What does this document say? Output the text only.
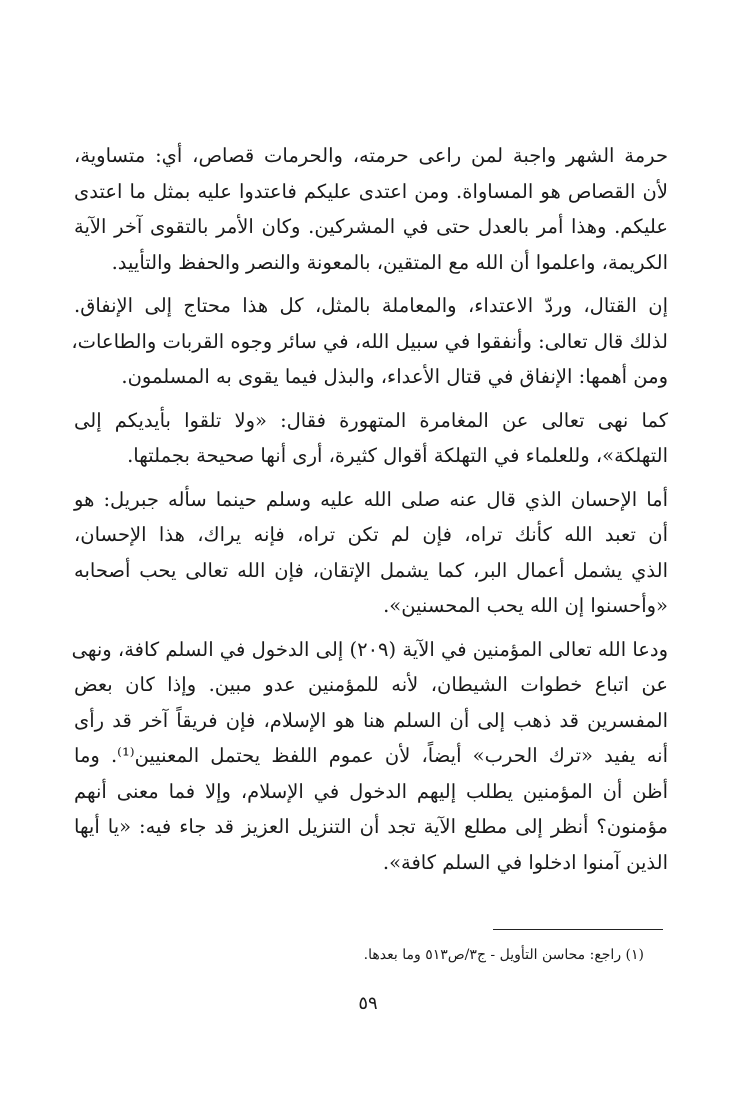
حرمة الشهر واجبة لمن راعى حرمته، والحرمات قصاص، أي: متساوية،
لأن القصاص هو المساواة. ومن اعتدى عليكم فاعتدوا عليه بمثل ما اعتدى
عليكم. وهذا أمر بالعدل حتى في المشركين. وكان الأمر بالتقوى آخر الآية
الكريمة، واعلموا أن الله مع المتقين، بالمعونة والنصر والحفظ والتأييد.

إن القتال، وردّ الاعتداء، والمعاملة بالمثل، كل هذا محتاج إلى الإنفاق.
لذلك قال تعالى: وأنفقوا في سبيل الله، في سائر وجوه القربات والطاعات،
ومن أهمها: الإنفاق في قتال الأعداء، والبذل فيما يقوى به المسلمون.

كما نهى تعالى عن المغامرة المتهورة فقال: «ولا تلقوا بأيديكم إلى
التهلكة»، وللعلماء في التهلكة أقوال كثيرة، أرى أنها صحيحة بجملتها.

أما الإحسان الذي قال عنه صلى الله عليه وسلم حينما سأله جبريل: هو
أن تعبد الله كأنك تراه، فإن لم تكن تراه، فإنه يراك، هذا الإحسان،
الذي يشمل أعمال البر، كما يشمل الإتقان، فإن الله تعالى يحب أصحابه
«وأحسنوا إن الله يحب المحسنين».

ودعا الله تعالى المؤمنين في الآية (٢٠٩) إلى الدخول في السلم كافة، ونهى
عن اتباع خطوات الشيطان، لأنه للمؤمنين عدو مبين. وإذا كان بعض
المفسرين قد ذهب إلى أن السلم هنا هو الإسلام، فإن فريقاً آخر قد رأى
أنه يفيد «ترك الحرب» أيضاً، لأن عموم اللفظ يحتمل المعنيين⁽¹⁾. وما
أظن أن المؤمنين يطلب إليهم الدخول في الإسلام، وإلا فما معنى أنهم
مؤمنون؟ أنظر إلى مطلع الآية تجد أن التنزيل العزيز قد جاء فيه: «يا أيها
الذين آمنوا ادخلوا في السلم كافة».

(١) راجع: محاسن التأويل - ج٣/ص٥١٣ وما بعدها.
٥٩
